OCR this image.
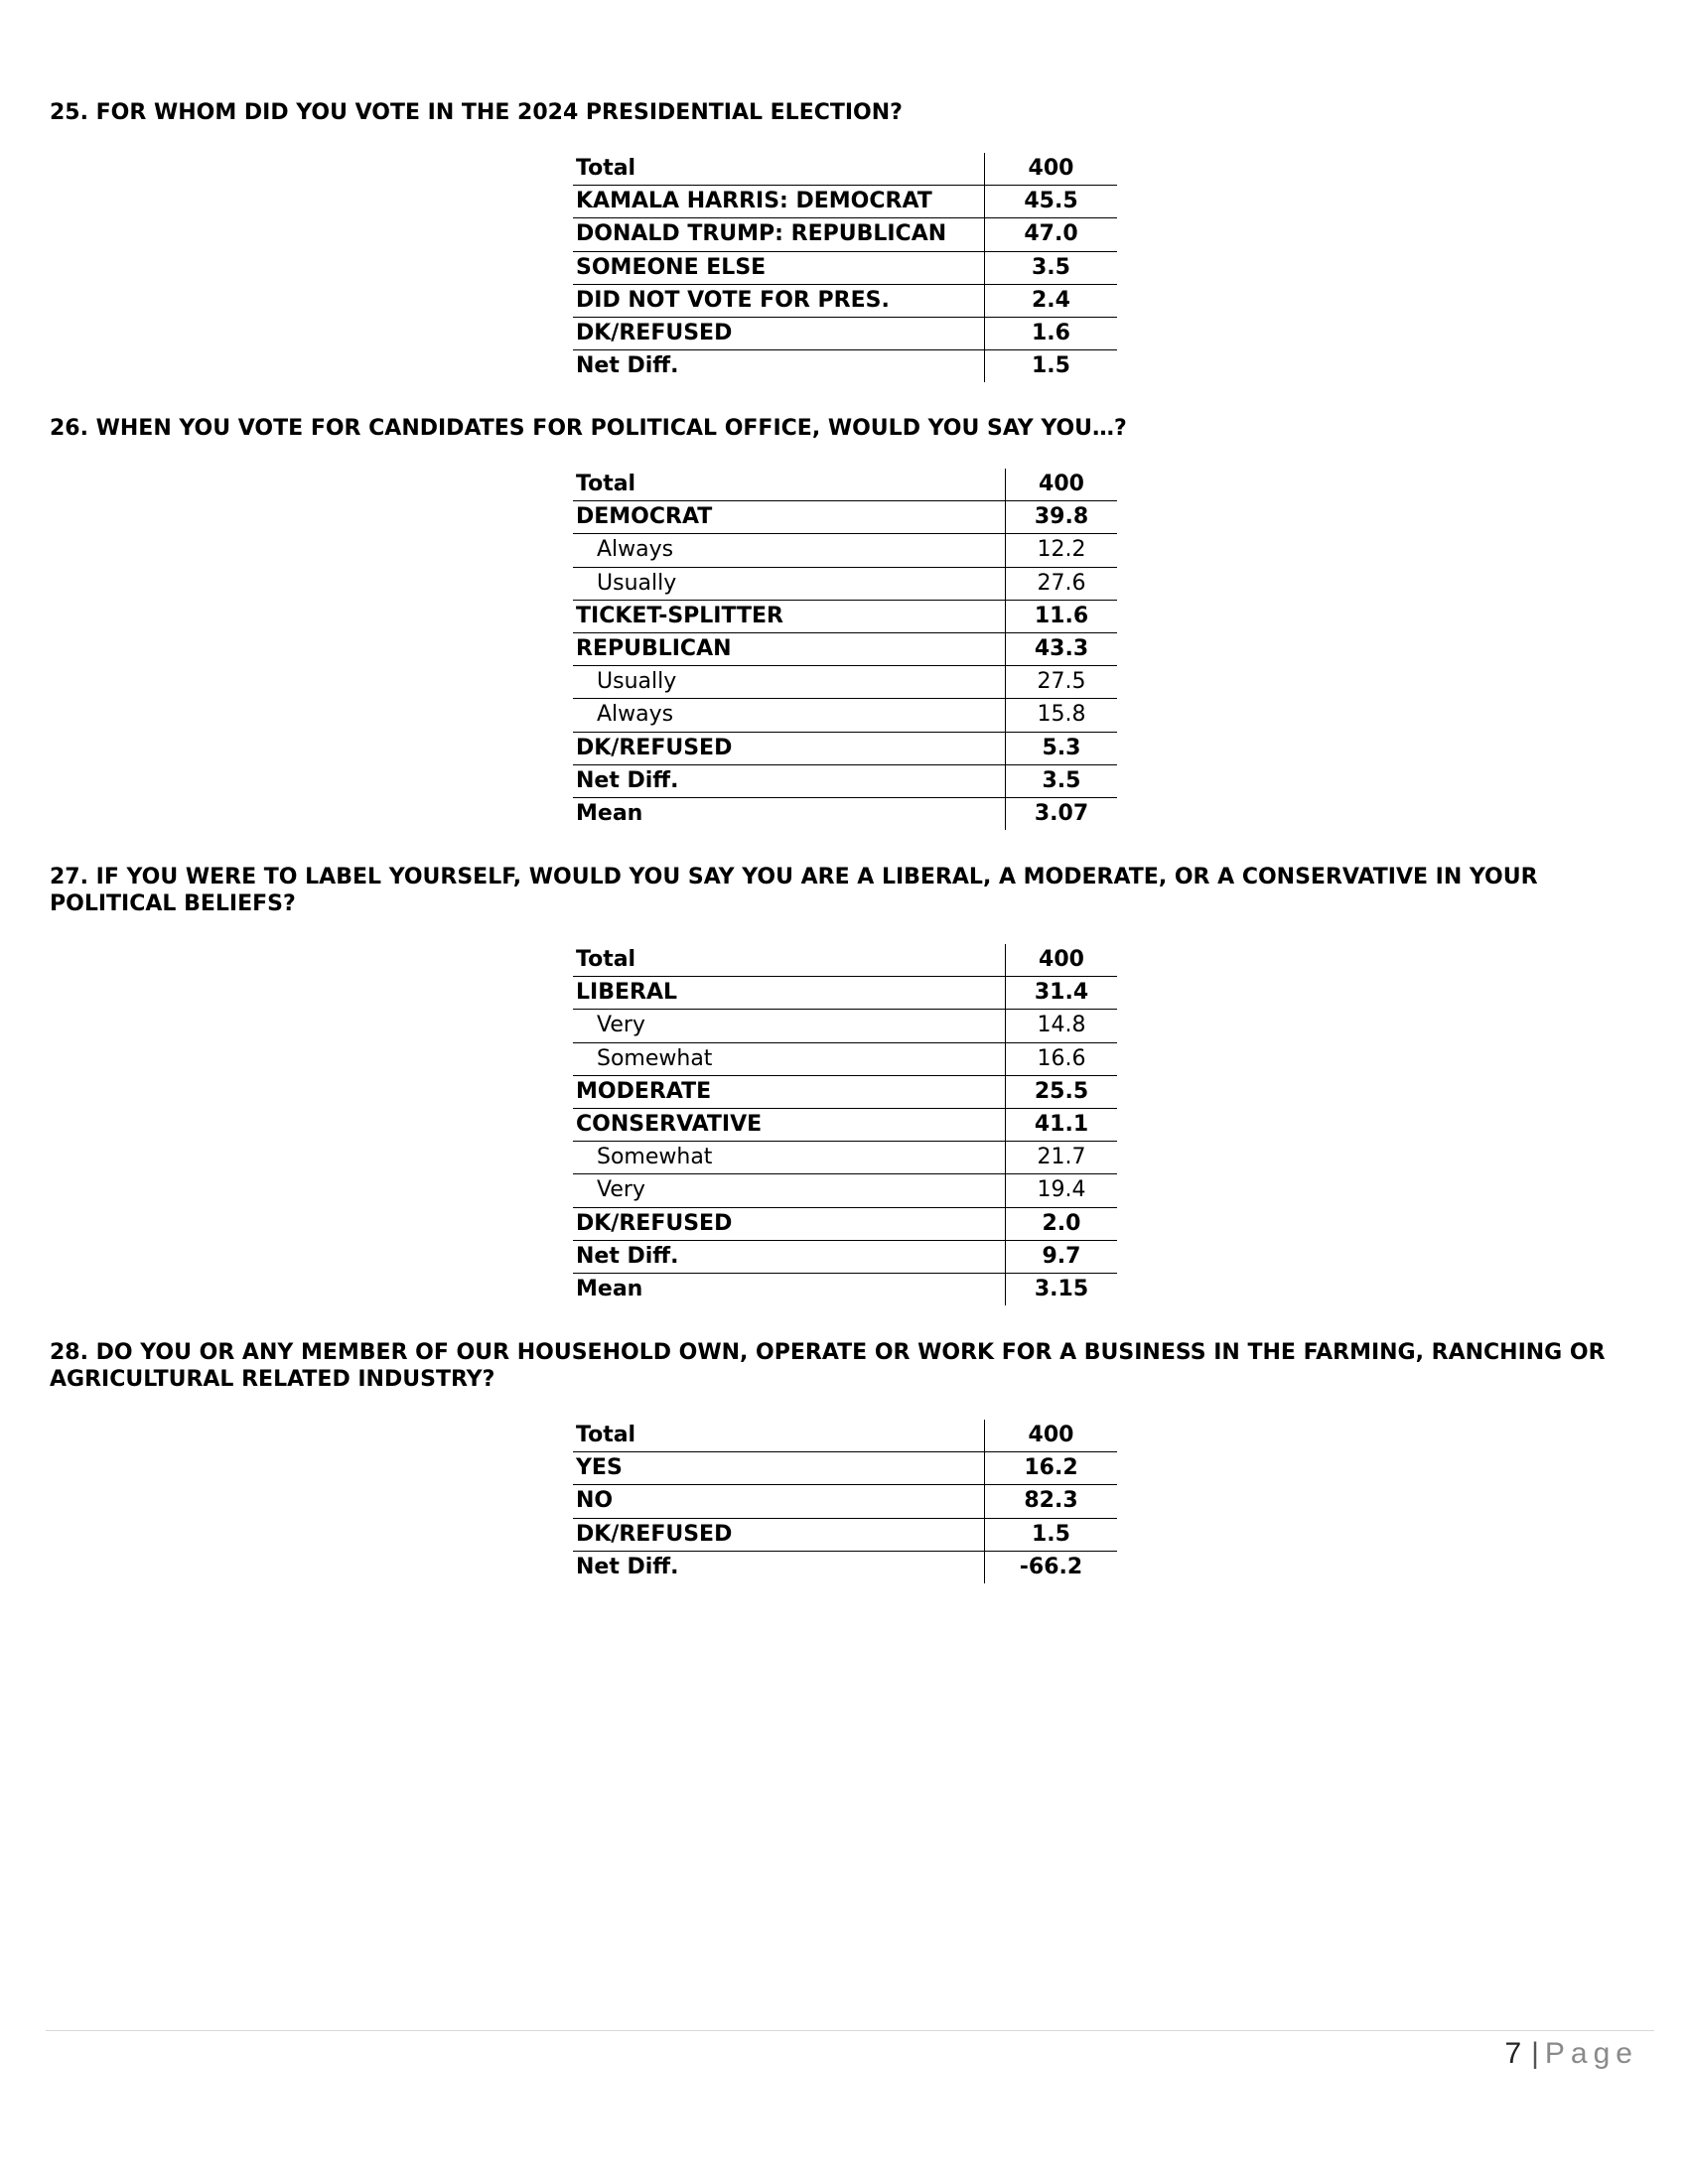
25. FOR WHOM DID YOU VOTE IN THE 2024 PRESIDENTIAL ELECTION?
Total	400
KAMALA HARRIS: DEMOCRAT	45.5
DONALD TRUMP: REPUBLICAN	47.0
SOMEONE ELSE	3.5
DID NOT VOTE FOR PRES.	2.4
DK/REFUSED	1.6
Net Diff.	1.5
26. WHEN YOU VOTE FOR CANDIDATES FOR POLITICAL OFFICE, WOULD YOU SAY YOU…?
Total	400
DEMOCRAT	39.8
Always	12.2
Usually	27.6
TICKET-SPLITTER	11.6
REPUBLICAN	43.3
Usually	27.5
Always	15.8
DK/REFUSED	5.3
Net Diff.	3.5
Mean	3.07
27. IF YOU WERE TO LABEL YOURSELF, WOULD YOU SAY YOU ARE A LIBERAL, A MODERATE, OR A CONSERVATIVE IN YOUR POLITICAL BELIEFS?
Total	400
LIBERAL	31.4
Very	14.8
Somewhat	16.6
MODERATE	25.5
CONSERVATIVE	41.1
Somewhat	21.7
Very	19.4
DK/REFUSED	2.0
Net Diff.	9.7
Mean	3.15
28. DO YOU OR ANY MEMBER OF OUR HOUSEHOLD OWN, OPERATE OR WORK FOR A BUSINESS IN THE FARMING, RANCHING OR AGRICULTURAL RELATED INDUSTRY?
Total	400
YES	16.2
NO	82.3
DK/REFUSED	1.5
Net Diff.	-66.2
7 | Page
